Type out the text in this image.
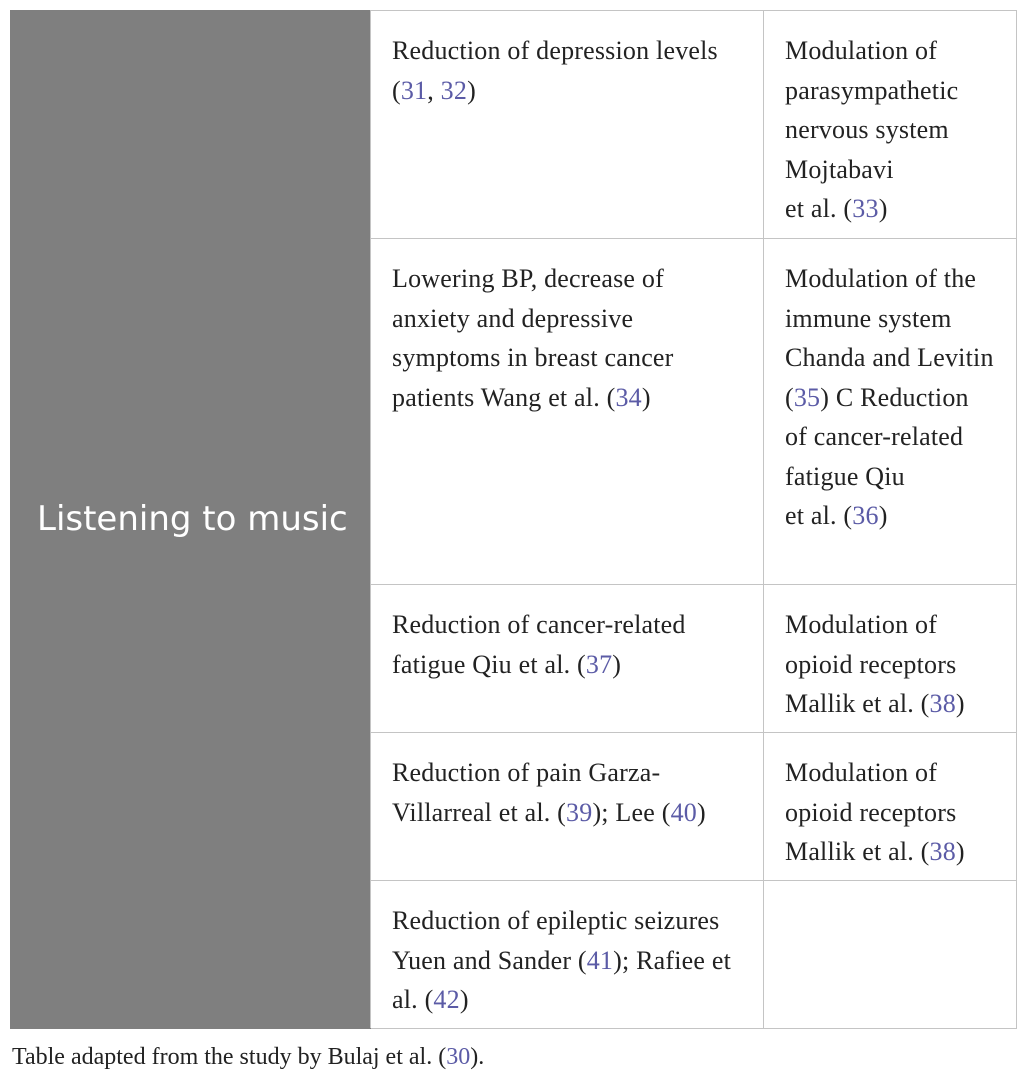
Listening to music	Reduction of depression levels (31, 32)	Modulation of parasympathetic nervous system Mojtabavi
et al. (33)
	Lowering BP, decrease of anxiety and depressive symptoms in breast cancer patients Wang et al. (34)	Modulation of the immune system Chanda and Levitin (35) C Reduction of cancer-related fatigue Qiu
et al. (36)
	Reduction of cancer-related fatigue Qiu et al. (37)	Modulation of opioid receptors Mallik et al. (38)
	Reduction of pain Garza-Villarreal et al. (39); Lee (40)	Modulation of opioid receptors Mallik et al. (38)
	Reduction of epileptic seizures Yuen and Sander (41); Rafiee et al. (42)	
Table adapted from the study by Bulaj et al. (30).
